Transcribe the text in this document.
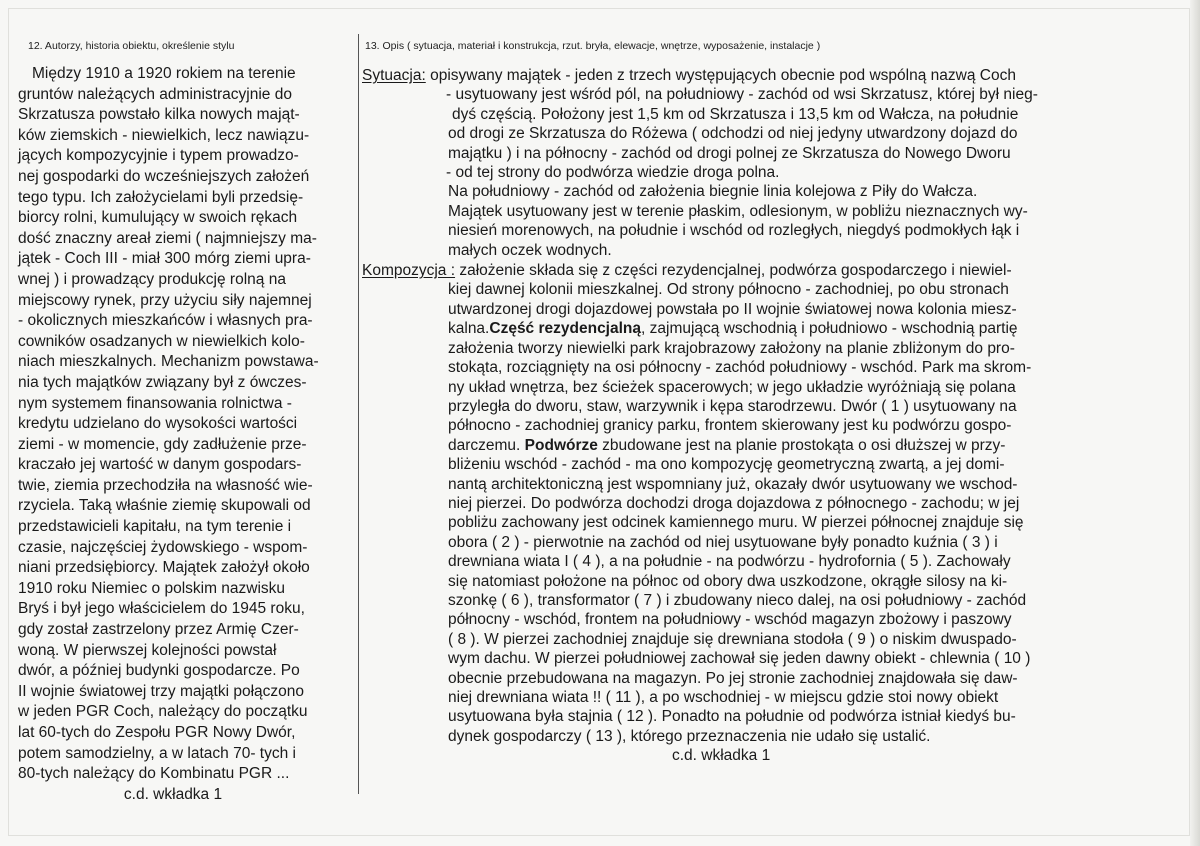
12. Autorzy, historia obiektu, określenie stylu	13. Opis ( sytuacja, materiał i konstrukcja, rzut. bryła, elewacje, wnętrze, wyposażenie, instalacje )
Między 1910 a 1920 rokiem na terenie
gruntów należących administracyjnie do
Skrzatusza powstało kilka nowych mająt-
ków ziemskich - niewielkich, lecz nawiązu-
jących kompozycyjnie i typem prowadzo-
nej gospodarki do wcześniejszych założeń
tego typu. Ich założycielami byli przedsię-
biorcy rolni, kumulujący w swoich rękach
dość znaczny areał ziemi ( najmniejszy ma-
jątek - Coch III - miał 300 mórg ziemi upra-
wnej ) i prowadzący produkcję rolną na
miejscowy rynek, przy użyciu siły najemnej
- okolicznych mieszkańców i własnych pra-
cowników osadzanych w niewielkich kolo-
niach mieszkalnych. Mechanizm powstawa-
nia tych majątków związany był z ówczes-
nym systemem finansowania rolnictwa -
kredytu udzielano do wysokości wartości
ziemi - w momencie, gdy zadłużenie prze-
kraczało jej wartość w danym gospodars-
twie, ziemia przechodziła na własność wie-
rzyciela. Taką właśnie ziemię skupowali od
przedstawicieli kapitału, na tym terenie i
czasie, najczęściej żydowskiego - wspom-
niani przedsiębiorcy. Majątek założył około
1910 roku Niemiec o polskim nazwisku
Bryś i był jego właścicielem do 1945 roku,
gdy został zastrzelony przez Armię Czer-
woną. W pierwszej kolejności powstał
dwór, a później budynki gospodarcze. Po
II wojnie światowej trzy majątki połączono
w jeden PGR Coch, należący do początku
lat 60-tych do Zespołu PGR Nowy Dwór,
potem samodzielny, a w latach 70- tych i
80-tych należący do Kombinatu PGR ...
c.d. wkładka 1
Sytuacja: opisywany majątek - jeden z trzech występujących obecnie pod wspólną nazwą Coch
- usytuowany jest wśród pól, na południowy - zachód od wsi Skrzatusz, której był nieg-
dyś częścią. Położony jest 1,5 km od Skrzatusza i 13,5 km od Wałcza, na południe
od drogi ze Skrzatusza do Różewa ( odchodzi od niej jedyny utwardzony dojazd do
majątku ) i na północny - zachód od drogi polnej ze Skrzatusza do Nowego Dworu
- od tej strony do podwórza wiedzie droga polna.
Na południowy - zachód od założenia biegnie linia kolejowa z Piły do Wałcza.
Majątek usytuowany jest w terenie płaskim, odlesionym, w pobliżu nieznacznych wy-
niesień morenowych, na południe i wschód od rozległych, niegdyś podmokłych łąk i
małych oczek wodnych.
Kompozycja : założenie składa się z części rezydencjalnej, podwórza gospodarczego i niewiel-
kiej dawnej kolonii mieszkalnej. Od strony północno - zachodniej, po obu stronach
utwardzonej drogi dojazdowej powstała po II wojnie światowej nowa kolonia miesz-
kalna.Część rezydencjalną, zajmującą wschodnią i południowo - wschodnią partię
założenia tworzy niewielki park krajobrazowy założony na planie zbliżonym do pro-
stokąta, rozciągnięty na osi północny - zachód południowy - wschód. Park ma skrom-
ny układ wnętrza, bez ścieżek spacerowych; w jego układzie wyróżniają się polana
przyległa do dworu, staw, warzywnik i kępa starodrzewu. Dwór ( 1 ) usytuowany na
północno - zachodniej granicy parku, frontem skierowany jest ku podwórzu gospo-
darczemu. Podwórze zbudowane jest na planie prostokąta o osi dłuższej w przy-
bliżeniu wschód - zachód - ma ono kompozycję geometryczną zwartą, a jej domi-
nantą architektoniczną jest wspomniany już, okazały dwór usytuowany we wschod-
niej pierzei. Do podwórza dochodzi droga dojazdowa z północnego - zachodu; w jej
pobliżu zachowany jest odcinek kamiennego muru. W pierzei północnej znajduje się
obora ( 2 ) - pierwotnie na zachód od niej usytuowane były ponadto kuźnia ( 3 ) i
drewniana wiata I ( 4 ), a na południe - na podwórzu - hydrofornia ( 5 ). Zachowały
się natomiast położone na północ od obory dwa uszkodzone, okrągłe silosy na ki-
szonkę ( 6 ), transformator ( 7 ) i zbudowany nieco dalej, na osi południowy - zachód
północny - wschód, frontem na południowy - wschód magazyn zbożowy i paszowy
( 8 ). W pierzei zachodniej znajduje się drewniana stodoła ( 9 ) o niskim dwuspado-
wym dachu. W pierzei południowej zachował się jeden dawny obiekt - chlewnia ( 10 )
obecnie przebudowana na magazyn. Po jej stronie zachodniej znajdowała się daw-
niej drewniana wiata !! ( 11 ), a po wschodniej - w miejscu gdzie stoi nowy obiekt
usytuowana była stajnia ( 12 ). Ponadto na południe od podwórza istniał kiedyś bu-
dynek gospodarczy ( 13 ), którego przeznaczenia nie udało się ustalić.
c.d. wkładka 1
